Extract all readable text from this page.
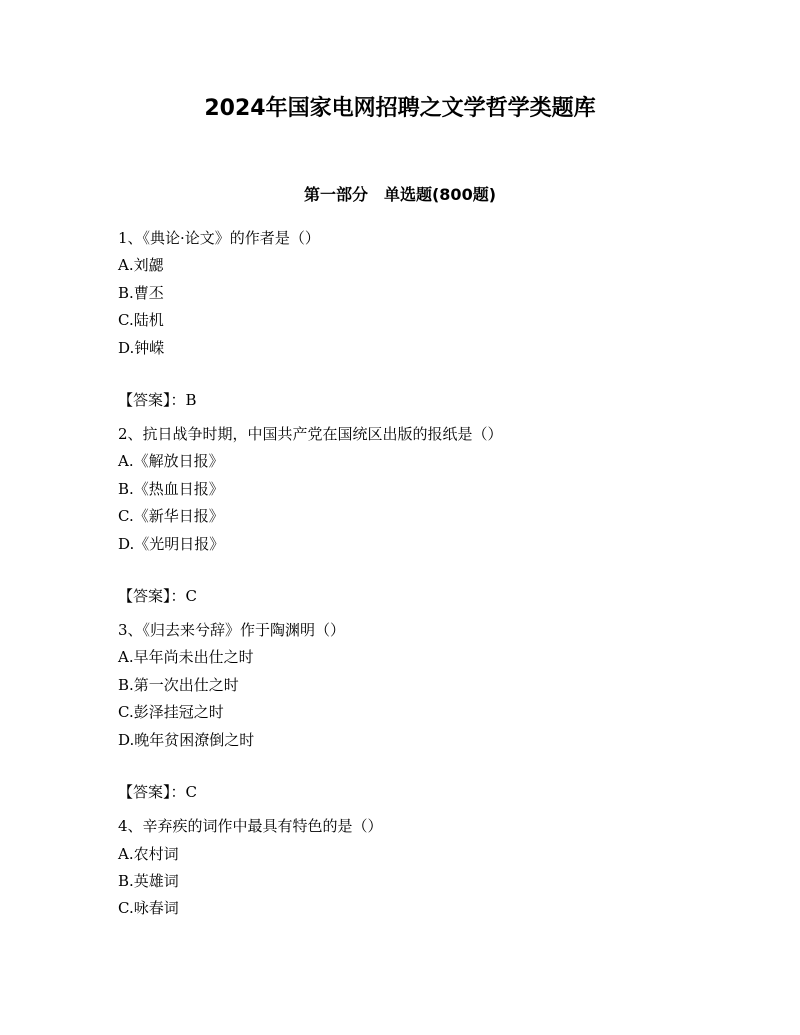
2024年国家电网招聘之文学哲学类题库
第一部分　单选题(800题)
1、《典论·论文》的作者是（）
A.刘勰
B.曹丕
C.陆机
D.钟嵘
【答案】：B
2、抗日战争时期，中国共产党在国统区出版的报纸是（）
A.《解放日报》
B.《热血日报》
C.《新华日报》
D.《光明日报》
【答案】：C
3、《归去来兮辞》作于陶渊明（）
A.早年尚未出仕之时
B.第一次出仕之时
C.彭泽挂冠之时
D.晚年贫困潦倒之时
【答案】：C
4、辛弃疾的词作中最具有特色的是（）
A.农村词
B.英雄词
C.咏春词
